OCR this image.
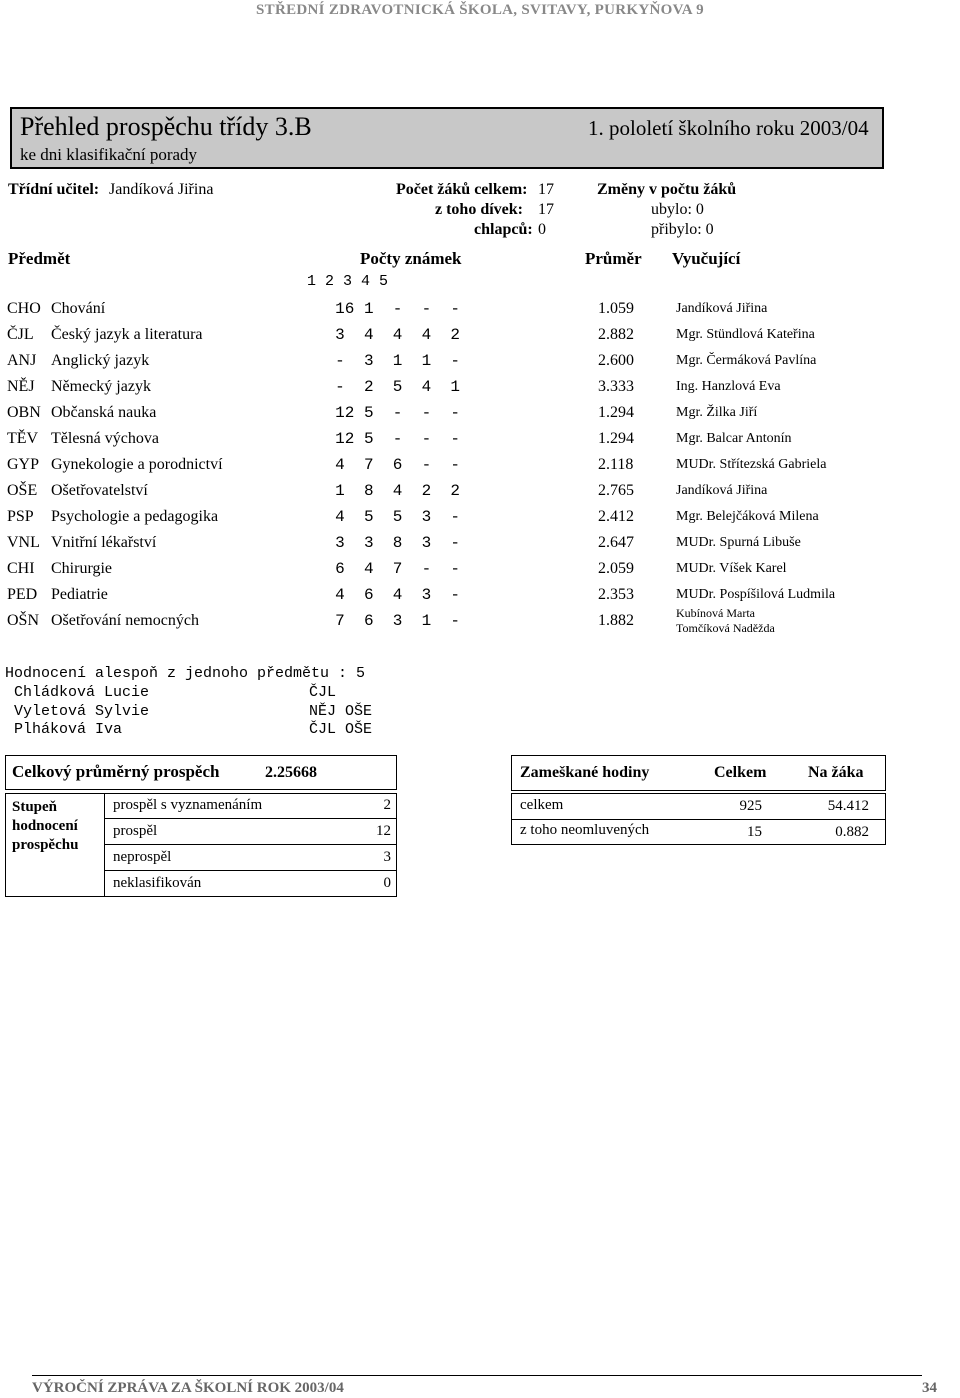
STŘEDNÍ ZDRAVOTNICKÁ ŠKOLA, SVITAVY, PURKYŇOVA 9
Přehled prospěchu třídy 3.B	1. pololetí školního roku 2003/04
ke dni klasifikační porady
Třídní učitel: Jandíková Jiřina	Počet žáků celkem: 17
z toho dívek: 17
chlapců: 0
Změny v počtu žáků
ubylo: 0
přibylo: 0
Předmět	Počty známek
1 2 3 4 5
Průměr Vyučující
CHO Chování	16 1  -  -  -	1.059	Jandíková Jiřina
ČJL Český jazyk a literatura	3  4  4  4  2	2.882	Mgr. Stündlová Kateřina
ANJ Anglický jazyk	-  3  1  1  -	2.600	Mgr. Čermáková Pavlína
NĚJ Německý jazyk	-  2  5  4  1	3.333	Ing. Hanzlová Eva
OBN Občanská nauka	12 5  -  -  -	1.294	Mgr. Žilka Jiří
TĚV Tělesná výchova	12 5  -  -  -	1.294	Mgr. Balcar Antonín
GYP Gynekologie a porodnictví	4  7  6  -  -	2.118	MUDr. Střítezská Gabriela
OŠE Ošetřovatelství	1  8  4  2  2	2.765	Jandíková Jiřina
PSP Psychologie a pedagogika	4  5  5  3  -	2.412	Mgr. Belejčáková Milena
VNL Vnitřní lékařství	3  3  8  3  -	2.647	MUDr. Spurná Libuše
CHI Chirurgie	6  4  7  -  -	2.059	MUDr. Víšek Karel
PED Pediatrie	4  6  4  3  -	2.353	MUDr. Pospíšilová Ludmila
OŠN Ošetřování nemocných	7  6  3  1  -	1.882	Kubínová Marta
Tomčíková Naděžda
Hodnocení alespoň z jednoho předmětu : 5
Chládková Lucie	ČJL
Vyletová Sylvie	NĚJ OŠE
Plháková Iva	ČJL OŠE
Celkový průměrný prospěch	2.25668
Stupeň
hodnocení
prospěchu
prospěl s vyznamenáním	2
prospěl	12
neprospěl	3
neklasifikován	0
Zameškané hodiny	Celkem	Na žáka
celkem	925	54.412
z toho neomluvených	15	0.882
VÝROČNÍ ZPRÁVA ZA ŠKOLNÍ ROK 2003/04	34
